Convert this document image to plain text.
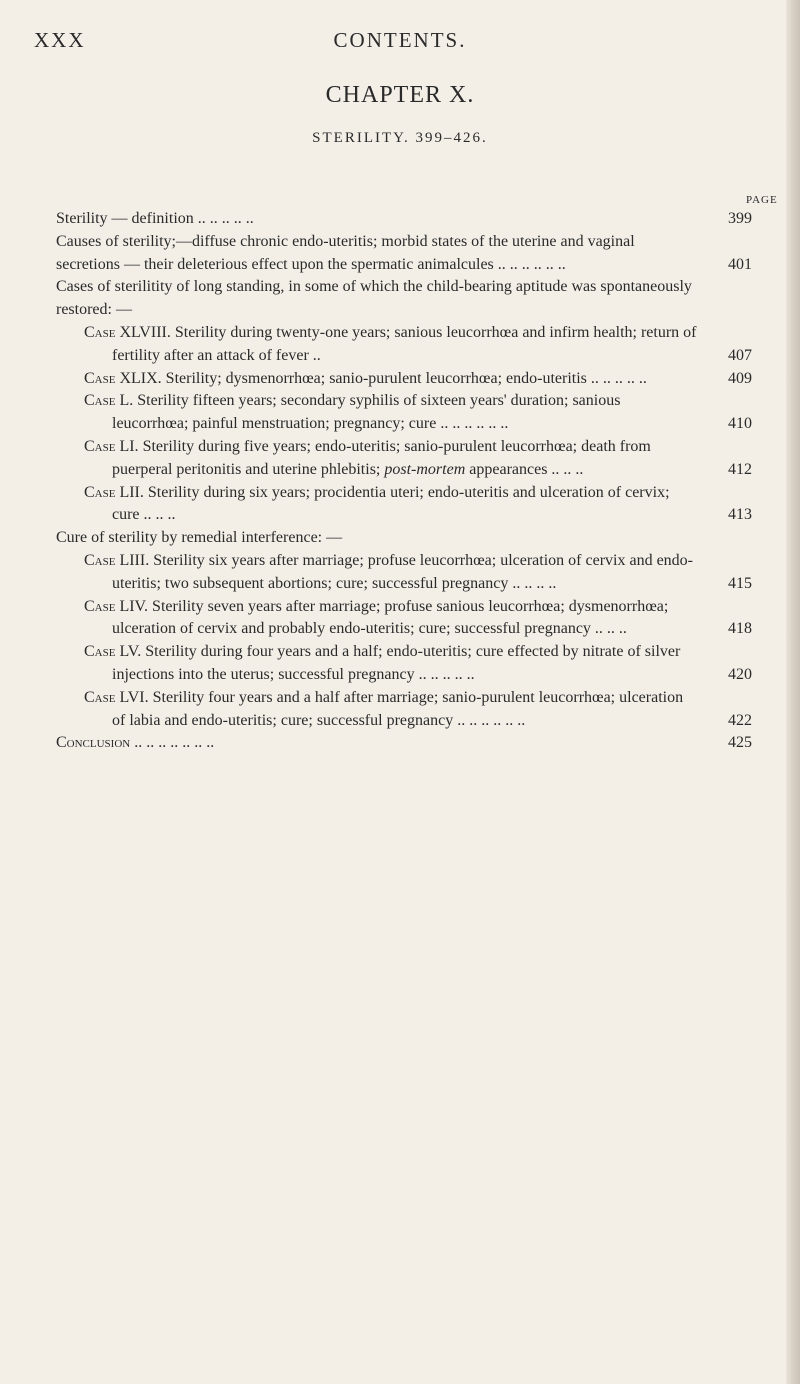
XXX	CONTENTS.
CHAPTER X.
STERILITY. 399–426.
PAGE
Sterility — definition .. .. .. .. ..	399
Causes of sterility;—diffuse chronic endo-uteritis; morbid states of the uterine and vaginal secretions — their deleterious effect upon the spermatic animalcules .. .. .. .. .. ..	401
Cases of sterilitity of long standing, in some of which the child-bearing aptitude was spontaneously restored: —
Case XLVIII. Sterility during twenty-one years; sanious leucorrhœa and infirm health; return of fertility after an attack of fever ..	407
Case XLIX. Sterility; dysmenorrhœa; sanio-purulent leucorrhœa; endo-uteritis .. .. .. .. ..	409
Case L. Sterility fifteen years; secondary syphilis of sixteen years' duration; sanious leucorrhœa; painful menstruation; pregnancy; cure .. .. .. .. .. ..	410
Case LI. Sterility during five years; endo-uteritis; sanio-purulent leucorrhœa; death from puerperal peritonitis and uterine phlebitis; post-mortem appearances .. .. ..	412
Case LII. Sterility during six years; procidentia uteri; endo-uteritis and ulceration of cervix; cure .. .. ..	413
Cure of sterility by remedial interference: —
Case LIII. Sterility six years after marriage; profuse leucorrhœa; ulceration of cervix and endo-uteritis; two subsequent abortions; cure; successful pregnancy .. .. .. ..	415
Case LIV. Sterility seven years after marriage; profuse sanious leucorrhœa; dysmenorrhœa; ulceration of cervix and probably endo-uteritis; cure; successful pregnancy .. .. ..	418
Case LV. Sterility during four years and a half; endo-uteritis; cure effected by nitrate of silver injections into the uterus; successful pregnancy .. .. .. .. ..	420
Case LVI. Sterility four years and a half after marriage; sanio-purulent leucorrhœa; ulceration of labia and endo-uteritis; cure; successful pregnancy .. .. .. .. .. ..	422
Conclusion .. .. .. .. .. .. ..	425
